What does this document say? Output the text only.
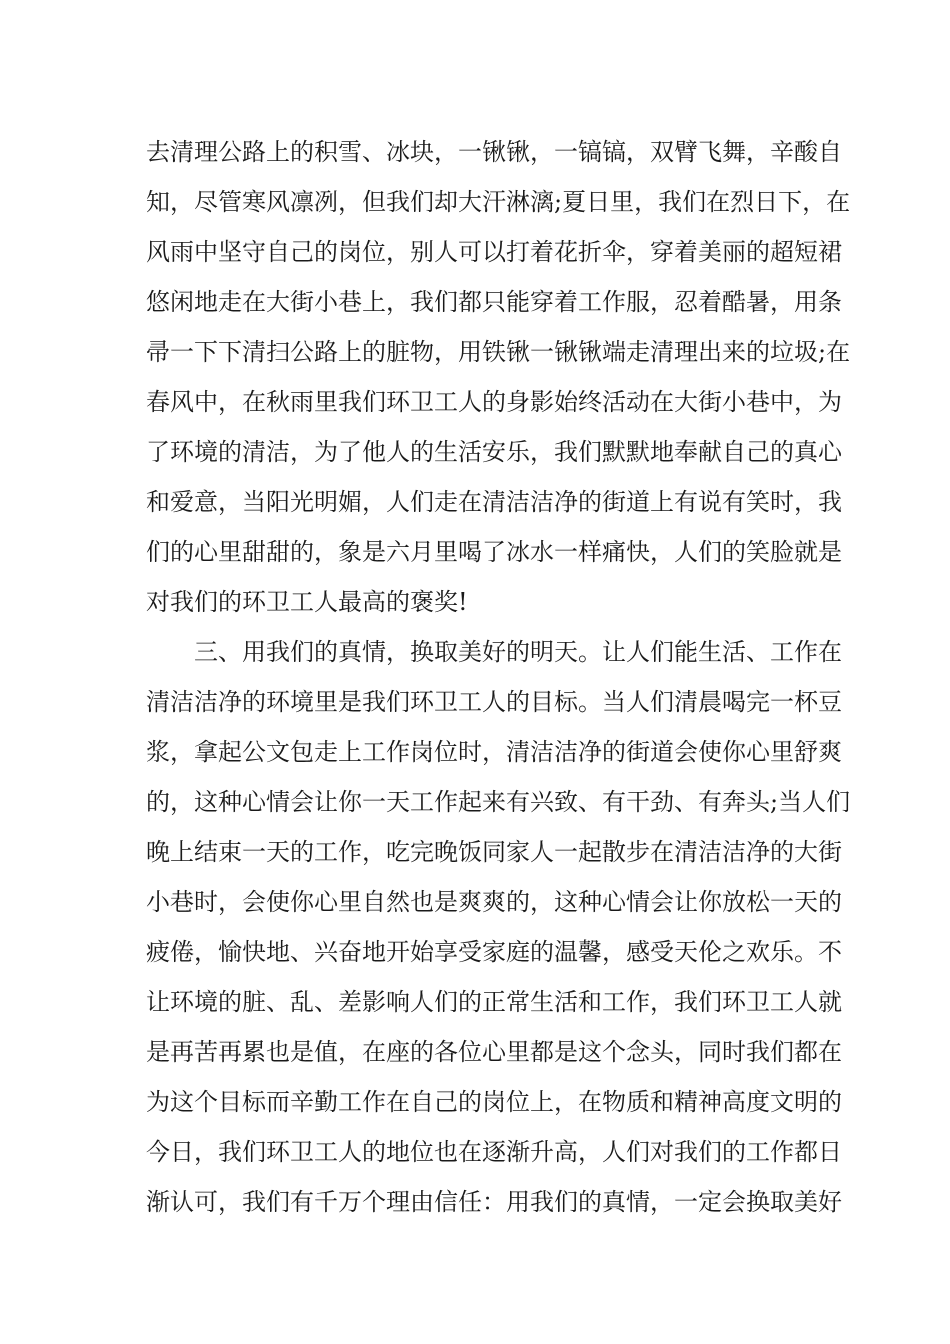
去清理公路上的积雪、冰块，一锹锹，一镐镐，双臂飞舞，辛酸自
知，尽管寒风凛冽，但我们却大汗淋漓;夏日里，我们在烈日下，在
风雨中坚守自己的岗位，别人可以打着花折伞，穿着美丽的超短裙
悠闲地走在大街小巷上，我们都只能穿着工作服，忍着酷暑，用条
帚一下下清扫公路上的脏物，用铁锹一锹锹端走清理出来的垃圾;在
春风中，在秋雨里我们环卫工人的身影始终活动在大街小巷中，为
了环境的清洁，为了他人的生活安乐，我们默默地奉献自己的真心
和爱意，当阳光明媚，人们走在清洁洁净的街道上有说有笑时，我
们的心里甜甜的，象是六月里喝了冰水一样痛快，人们的笑脸就是
对我们的环卫工人最高的褒奖!
三、用我们的真情，换取美好的明天。让人们能生活、工作在
清洁洁净的环境里是我们环卫工人的目标。当人们清晨喝完一杯豆
浆，拿起公文包走上工作岗位时，清洁洁净的街道会使你心里舒爽
的，这种心情会让你一天工作起来有兴致、有干劲、有奔头;当人们
晚上结束一天的工作，吃完晚饭同家人一起散步在清洁洁净的大街
小巷时，会使你心里自然也是爽爽的，这种心情会让你放松一天的
疲倦，愉快地、兴奋地开始享受家庭的温馨，感受天伦之欢乐。不
让环境的脏、乱、差影响人们的正常生活和工作，我们环卫工人就
是再苦再累也是值，在座的各位心里都是这个念头，同时我们都在
为这个目标而辛勤工作在自己的岗位上，在物质和精神高度文明的
今日，我们环卫工人的地位也在逐渐升高，人们对我们的工作都日
渐认可，我们有千万个理由信任：用我们的真情，一定会换取美好
